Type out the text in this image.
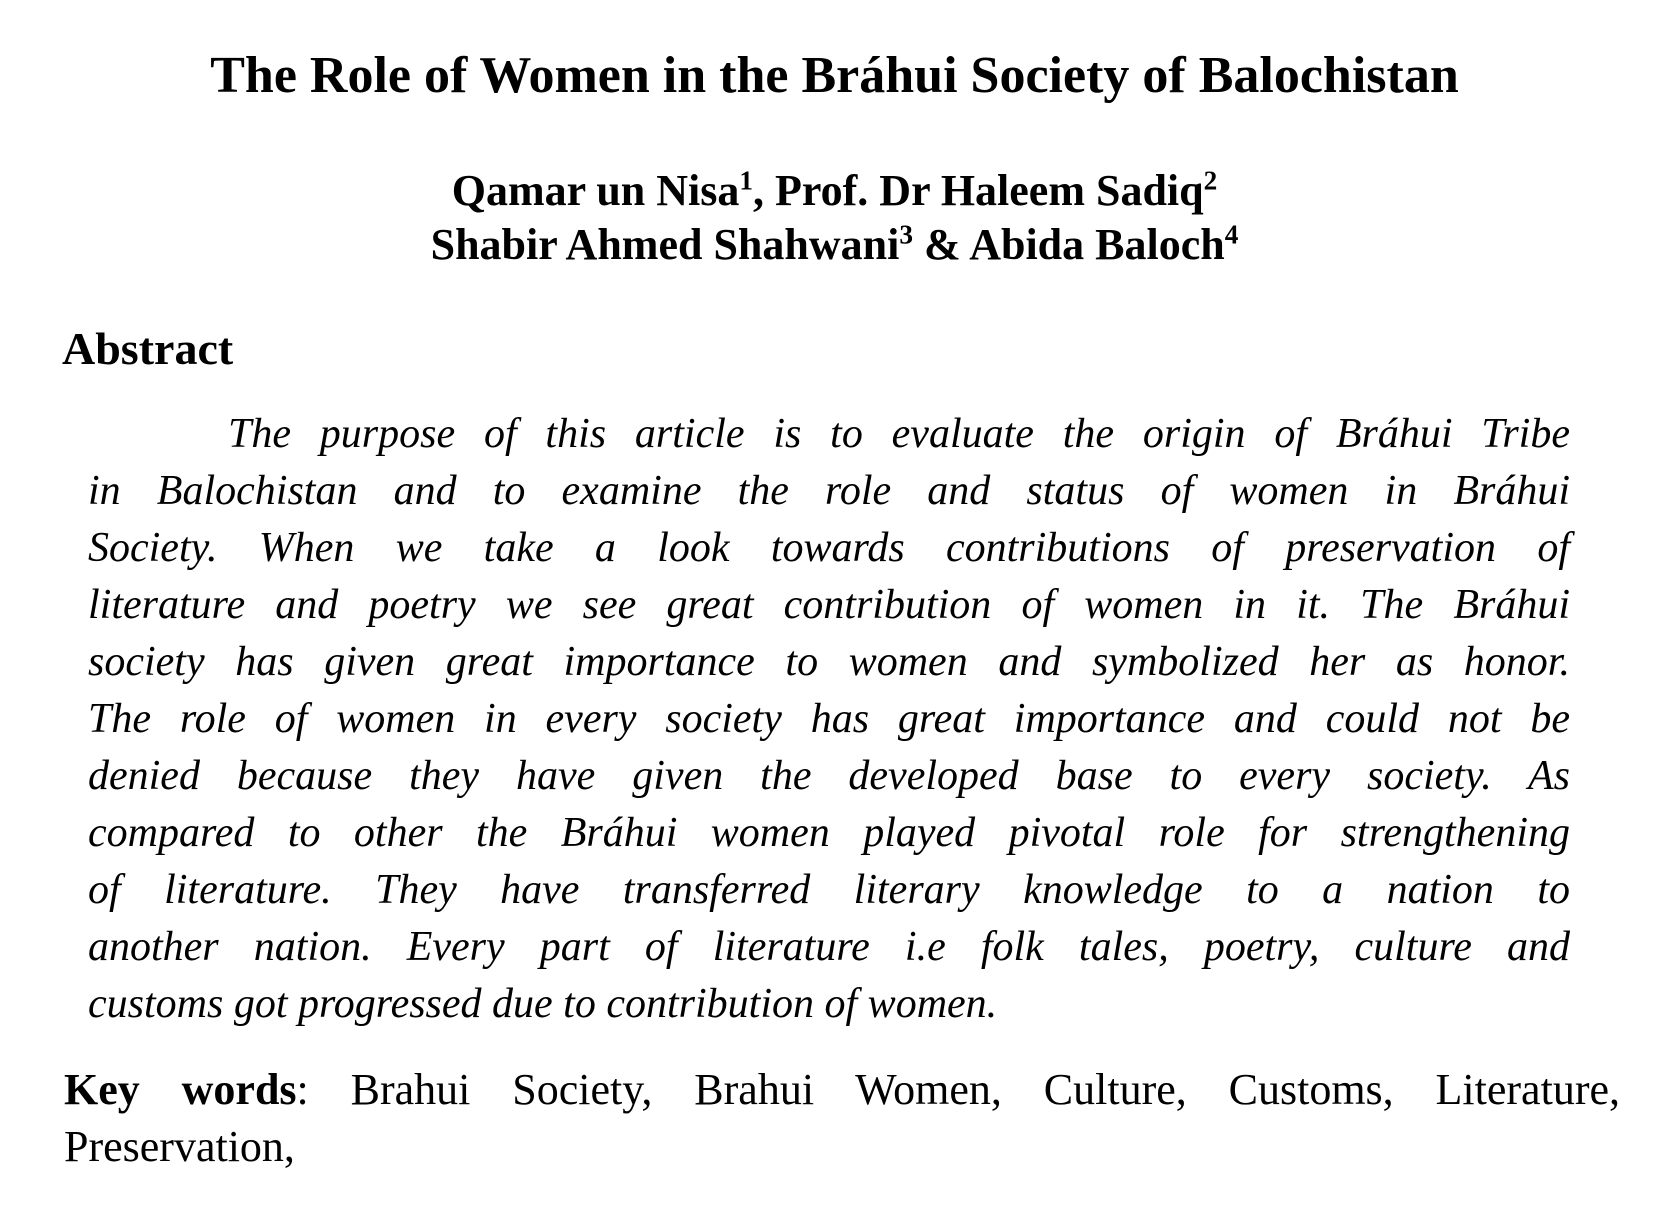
The Role of Women in the Bráhui Society of Balochistan
Qamar un Nisa$^1$, Prof. Dr Haleem Sadiq$^2$
Shabir Ahmed Shahwani$^3$ & Abida Baloch$^4$
Abstract
The purpose of this article is to evaluate the origin of Bráhui Tribe
in Balochistan and to examine the role and status of women in Bráhui
Society. When we take a look towards contributions of preservation of
literature and poetry we see great contribution of women in it. The Bráhui
society has given great importance to women and symbolized her as honor.
The role of women in every society has great importance and could not be
denied because they have given the developed base to every society. As
compared to other the Bráhui women played pivotal role for strengthening
of literature. They have transferred literary knowledge to a nation to
another nation. Every part of literature i.e folk tales, poetry, culture and
customs got progressed due to contribution of women.
Key words: Brahui Society, Brahui Women, Culture, Customs, Literature,
Preservation,
